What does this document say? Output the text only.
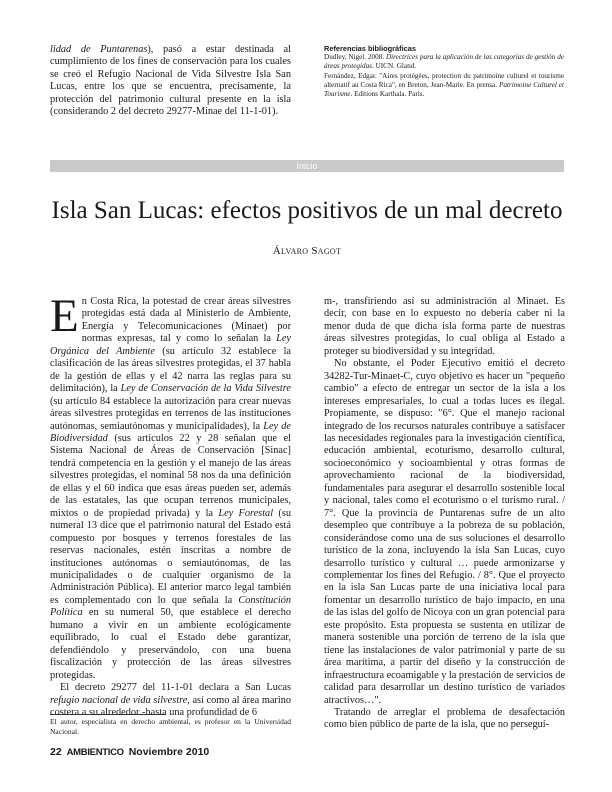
lidad de Puntarenas), pasó a estar destinada al cumplimiento de los fines de conservación para los cuales se creó el Refugio Nacional de Vida Silvestre Isla San Lucas, entre los que se encuentra, precisamente, la protección del patrimonio cultural presente en la isla (considerando 2 del decreto 29277-Minae del 11-1-01).

Referencias bibliográficas
Dudley, Nigel. 2008. Directrices para la aplicación de las categorías de gestión de áreas protegidas. UICN. Gland.
Fernández, Edgar. "Aires protégées, protection du patrimoine culturel et tourisme alternatif au Costa Rica", en Breton, Jean-Marie. En prensa. Patrimoine Culturel et Tourisme. Editions Karthala. Paris.
Inicio
Isla San Lucas: efectos positivos de un mal decreto
Álvaro Sagot

En Costa Rica, la potestad de crear áreas silvestres protegidas está dada al Ministerio de Ambiente, Energía y Telecomunicaciones (Minaet) por normas expresas, tal y como lo señalan la Ley Orgánica del Ambiente (su artículo 32 establece la clasificación de las áreas silvestres protegidas, el 37 habla de la gestión de ellas y el 42 narra las reglas para su delimitación), la Ley de Conservación de la Vida Silvestre (su artículo 84 establece la autorización para crear nuevas áreas silvestres protegidas en terrenos de las instituciones autónomas, semiautónomas y municipalidades), la Ley de Biodiversidad (sus artículos 22 y 28 señalan que el Sistema Nacional de Áreas de Conservación [Sinac] tendrá competencia en la gestión y el manejo de las áreas silvestres protegidas, el nominal 58 nos da una definición de ellas y el 60 indica que esas áreas pueden ser, además de las estatales, las que ocupan terrenos municipales, mixtos o de propiedad privada) y la Ley Forestal (su numeral 13 dice que el patrimonio natural del Estado está compuesto por bosques y terrenos forestales de las reservas nacionales, estén inscritas a nombre de instituciones autónomas o semiautónomas, de las municipalidades o de cualquier organismo de la Administración Pública). El anterior marco legal también es complementado con lo que señala la Constitución Política en su numeral 50, que establece el derecho humano a vivir en un ambiente ecológicamente equilibrado, lo cual el Estado debe garantizar, defendiéndolo y preservándolo, con una buena fiscalización y protección de las áreas silvestres protegidas.

El decreto 29277 del 11-1-01 declara a San Lucas refugio nacional de vida silvestre, así como al área marino costera a su alrededor -hasta una profundidad de 6

m-, transfiriendo así su administración al Minaet. Es decir, con base en lo expuesto no debería caber ni la menor duda de que dicha isla forma parte de nuestras áreas silvestres protegidas, lo cual obliga al Estado a proteger su biodiversidad y su integridad.

No obstante, el Poder Ejecutivo emitió el decreto 34282-Tur-Minaet-C, cuyo objetivo es hacer un "pequeño cambio" a efecto de entregar un sector de la isla a los intereses empresariales, lo cual a todas luces es ilegal. Propiamente, se dispuso: "6°. Que el manejo racional integrado de los recursos naturales contribuye a satisfacer las necesidades regionales para la investigación científica, educación ambiental, ecoturismo, desarrollo cultural, socioeconómico y socioambiental y otras formas de aprovechamiento racional de la biodiversidad, fundamentales para asegurar el desarrollo sostenible local y nacional, tales como el ecoturismo o el turismo rural. / 7°. Que la provincia de Puntarenas sufre de un alto desempleo que contribuye a la pobreza de su población, considerándose como una de sus soluciones el desarrollo turístico de la zona, incluyendo la isla San Lucas, cuyo desarrollo turístico y cultural … puede armonizarse y complementar los fines del Refugio. / 8°. Que el proyecto en la isla San Lucas parte de una iniciativa local para fomentar un desarrollo turístico de bajo impacto, en una de las islas del golfo de Nicoya con un gran potencial para este propósito. Esta propuesta se sustenta en utilizar de manera sostenible una porción de terreno de la isla que tiene las instalaciones de valor patrimonial y parte de su área marítima, a partir del diseño y la construcción de infraestructura ecoamigable y la prestación de servicios de calidad para desarrollar un destino turístico de variados atractivos…".

Tratando de arreglar el problema de desafectación como bien público de parte de la isla, que no perseguí-

El autor, especialista en derecho ambiental, es profesor en la Universidad Nacional.
22 AMBIENTICO Noviembre 2010
